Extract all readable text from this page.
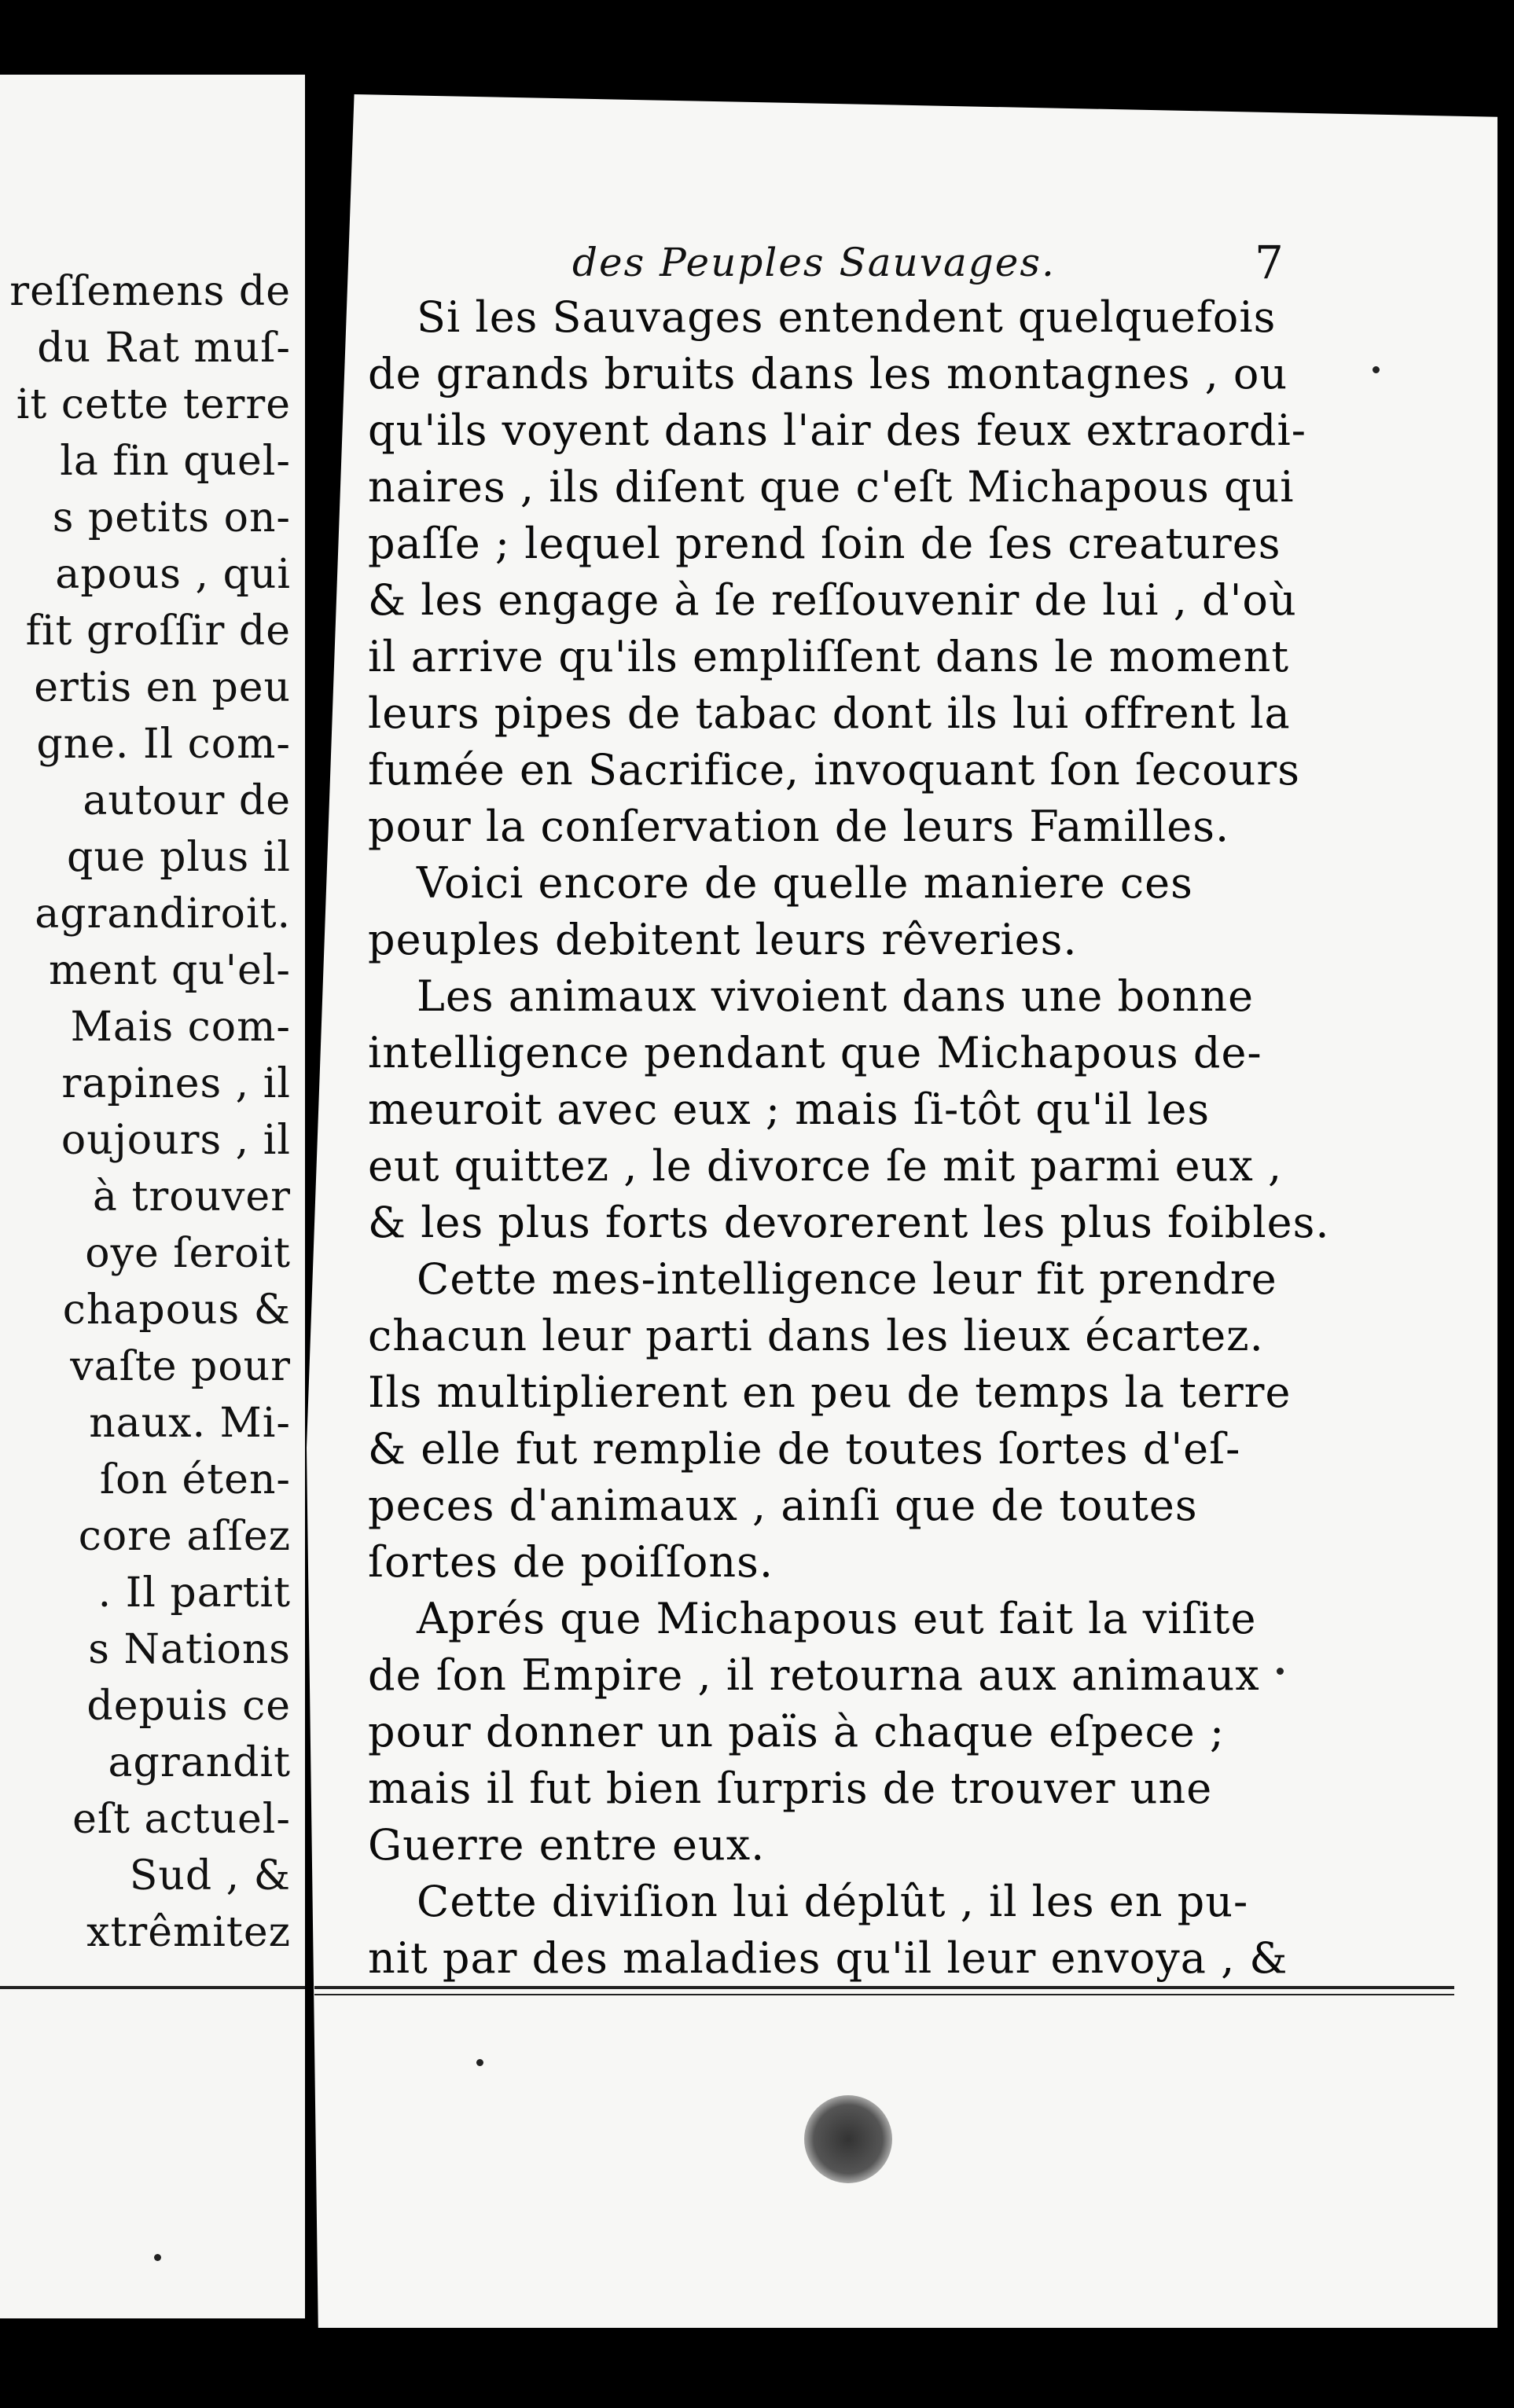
reſſemens de
du Rat muſ-
it cette terre
la fin quel-
s petits on-
apous , qui
fit groſſir de
ertis en peu
gne. Il com-
autour de
que plus il
agrandiroit.
ment qu'el-
Mais com-
rapines , il
oujours , il
à trouver
oye ſeroit
chapous &
vaſte pour
naux. Mi-
ſon éten-
core aſſez
. Il partit
s Nations
depuis ce
agrandit
eſt actuel-
Sud , &
xtrêmitez
des Peuples Sauvages.	7
Si les Sauvages entendent quelquefois
de grands bruits dans les montagnes , ou
qu'ils voyent dans l'air des feux extraordi-
naires , ils diſent que c'eſt Michapous qui
paſſe ; lequel prend ſoin de ſes creatures
& les engage à ſe reſſouvenir de lui , d'où
il arrive qu'ils empliſſent dans le moment
leurs pipes de tabac dont ils lui offrent la
fumée en Sacrifice, invoquant ſon ſecours
pour la conſervation de leurs Familles.
Voici encore de quelle maniere ces
peuples debitent leurs rêveries.
Les animaux vivoient dans une bonne
intelligence pendant que Michapous de-
meuroit avec eux ; mais ſi-tôt qu'il les
eut quittez , le divorce ſe mit parmi eux ,
& les plus forts devorerent les plus foibles.
Cette mes-intelligence leur fit prendre
chacun leur parti dans les lieux écartez.
Ils multiplierent en peu de temps la terre
& elle fut remplie de toutes ſortes d'eſ-
peces d'animaux , ainſi que de toutes
ſortes de poiſſons.
Aprés que Michapous eut fait la viſite
de ſon Empire , il retourna aux animaux
pour donner un païs à chaque eſpece ;
mais il fut bien ſurpris de trouver une
Guerre entre eux.
Cette diviſion lui déplût , il les en pu-
nit par des maladies qu'il leur envoya , &
